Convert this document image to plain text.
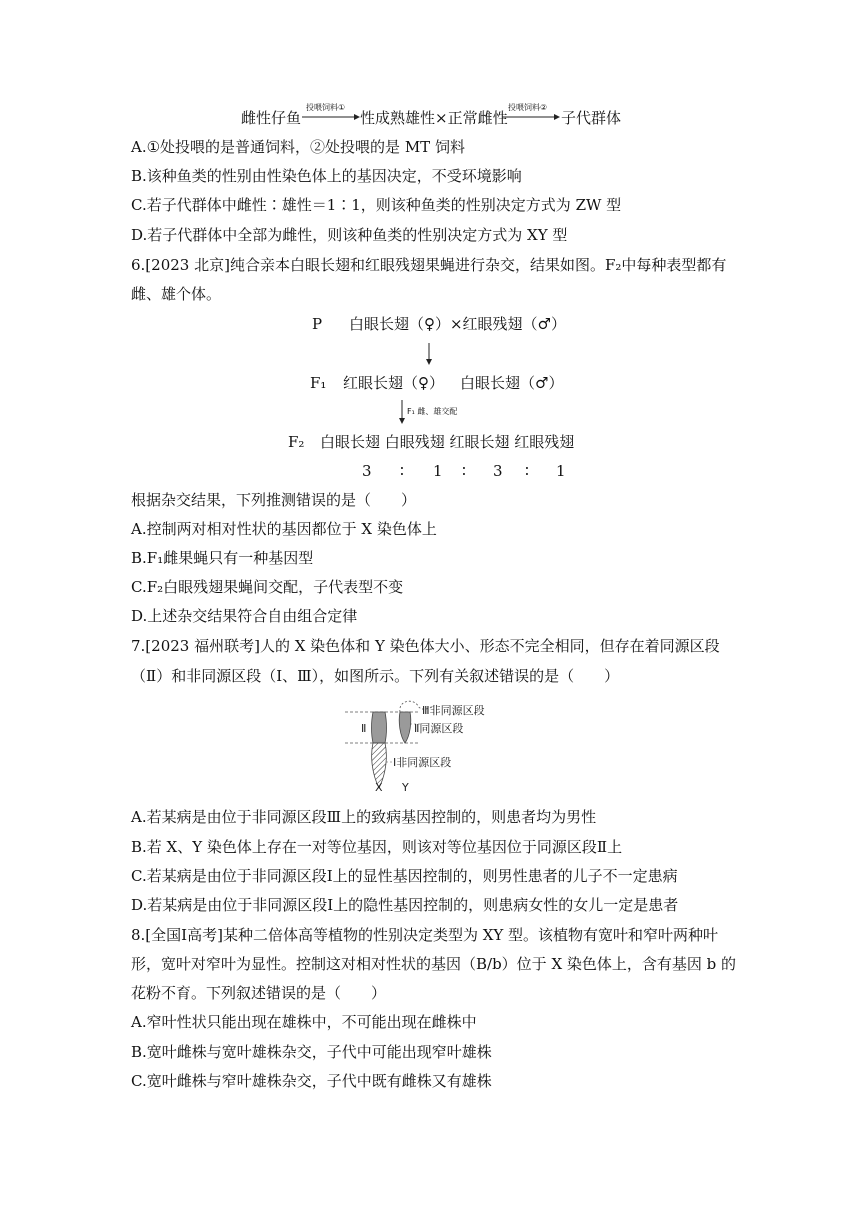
雌性仔鱼
投喂饲料①
性成熟雄性×正常雌性
投喂饲料②
子代群体
A.①处投喂的是普通饲料，②处投喂的是 MT 饲料
B.该种鱼类的性别由性染色体上的基因决定，不受环境影响
C.若子代群体中雌性∶雄性＝1∶1，则该种鱼类的性别决定方式为 ZW 型
D.若子代群体中全部为雌性，则该种鱼类的性别决定方式为 XY 型
6.[2023 北京]纯合亲本白眼长翅和红眼残翅果蝇进行杂交，结果如图。F₂中每种表型都有
雌、雄个体。
P 白眼长翅（♀）×红眼残翅（♂）
F₁ 红眼长翅（♀） 白眼长翅（♂）
F₁ 雌、雄交配
F₂ 白眼长翅 白眼残翅 红眼长翅 红眼残翅
3 ∶ 1 ∶ 3 ∶ 1
根据杂交结果，下列推测错误的是（　　）
A.控制两对相对性状的基因都位于 X 染色体上
B.F₁雌果蝇只有一种基因型
C.F₂白眼残翅果蝇间交配，子代表型不变
D.上述杂交结果符合自由组合定律
7.[2023 福州联考]人的 X 染色体和 Y 染色体大小、形态不完全相同，但存在着同源区段
（Ⅱ）和非同源区段（Ⅰ、Ⅲ），如图所示。下列有关叙述错误的是（　　）
Ⅲ非同源区段
Ⅱ同源区段
Ⅱ
Ⅰ非同源区段
X Y
A.若某病是由位于非同源区段Ⅲ上的致病基因控制的，则患者均为男性
B.若 X、Y 染色体上存在一对等位基因，则该对等位基因位于同源区段Ⅱ上
C.若某病是由位于非同源区段Ⅰ上的显性基因控制的，则男性患者的儿子不一定患病
D.若某病是由位于非同源区段Ⅰ上的隐性基因控制的，则患病女性的女儿一定是患者
8.[全国Ⅰ高考]某种二倍体高等植物的性别决定类型为 XY 型。该植物有宽叶和窄叶两种叶
形，宽叶对窄叶为显性。控制这对相对性状的基因（B/b）位于 X 染色体上，含有基因 b 的
花粉不育。下列叙述错误的是（　　）
A.窄叶性状只能出现在雄株中，不可能出现在雌株中
B.宽叶雌株与宽叶雄株杂交，子代中可能出现窄叶雄株
C.宽叶雌株与窄叶雄株杂交，子代中既有雌株又有雄株
